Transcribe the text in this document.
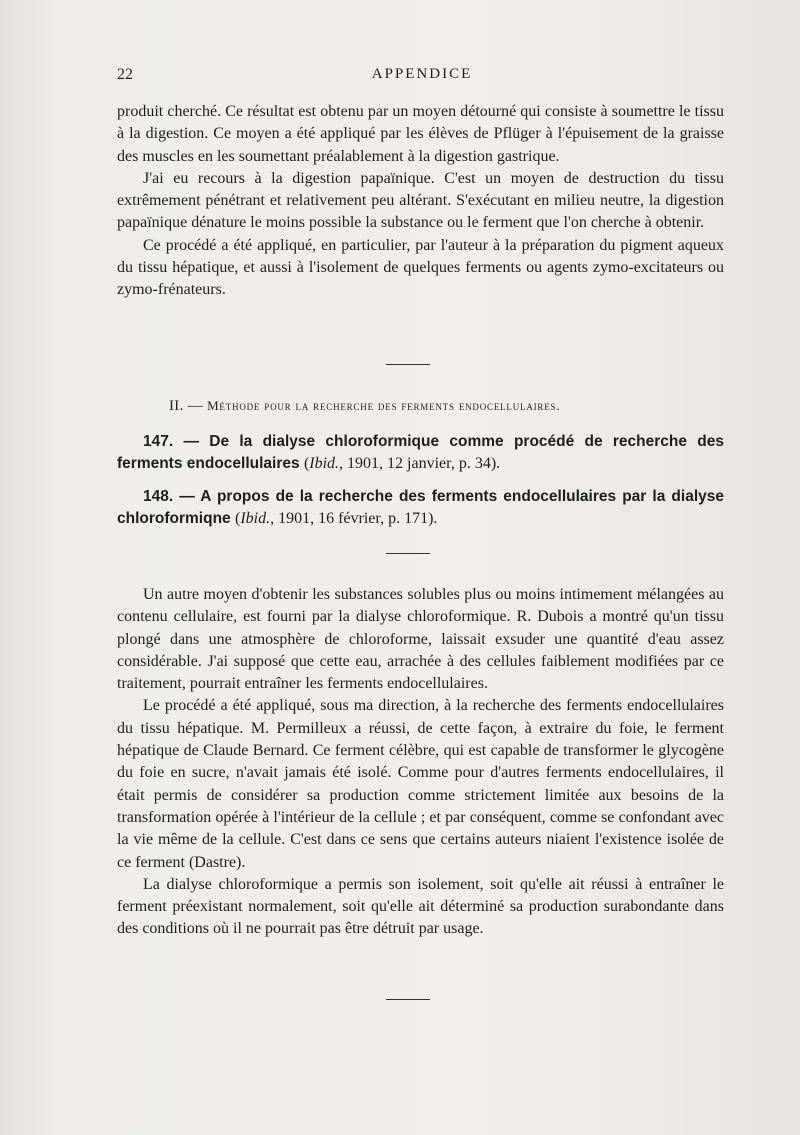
22	APPENDICE

produit cherché. Ce résultat est obtenu par un moyen détourné qui consiste à soumettre le tissu à la digestion. Ce moyen a été appliqué par les élèves de Pflüger à l'épuisement de la graisse des muscles en les soumettant préalablement à la digestion gastrique.

J'ai eu recours à la digestion papaïnique. C'est un moyen de destruction du tissu extrêmement pénétrant et relativement peu altérant. S'exécutant en milieu neutre, la digestion papaïnique dénature le moins possible la substance ou le ferment que l'on cherche à obtenir.

Ce procédé a été appliqué, en particulier, par l'auteur à la préparation du pigment aqueux du tissu hépatique, et aussi à l'isolement de quelques ferments ou agents zymo-excitateurs ou zymo-frénateurs.

II. — Méthode pour la recherche des ferments endocellulaires.
147. — De la dialyse chloroformique comme procédé de recherche des ferments endocellulaires (Ibid., 1901, 12 janvier, p. 34).
148. — A propos de la recherche des ferments endocellulaires par la dialyse chloroformiqne (Ibid., 1901, 16 février, p. 171).

Un autre moyen d'obtenir les substances solubles plus ou moins intimement mélangées au contenu cellulaire, est fourni par la dialyse chloroformique. R. Dubois a montré qu'un tissu plongé dans une atmosphère de chloroforme, laissait exsuder une quantité d'eau assez considérable. J'ai supposé que cette eau, arrachée à des cellules faiblement modifiées par ce traitement, pourrait entraîner les ferments endocellulaires.

Le procédé a été appliqué, sous ma direction, à la recherche des ferments endocellulaires du tissu hépatique. M. Permilleux a réussi, de cette façon, à extraire du foie, le ferment hépatique de Claude Bernard. Ce ferment célèbre, qui est capable de transformer le glycogène du foie en sucre, n'avait jamais été isolé. Comme pour d'autres ferments endocellulaires, il était permis de considérer sa production comme strictement limitée aux besoins de la transformation opérée à l'intérieur de la cellule ; et par conséquent, comme se confondant avec la vie même de la cellule. C'est dans ce sens que certains auteurs niaient l'existence isolée de ce ferment (Dastre).

La dialyse chloroformique a permis son isolement, soit qu'elle ait réussi à entraîner le ferment préexistant normalement, soit qu'elle ait déterminé sa production surabondante dans des conditions où il ne pourrait pas être détruit par usage.
